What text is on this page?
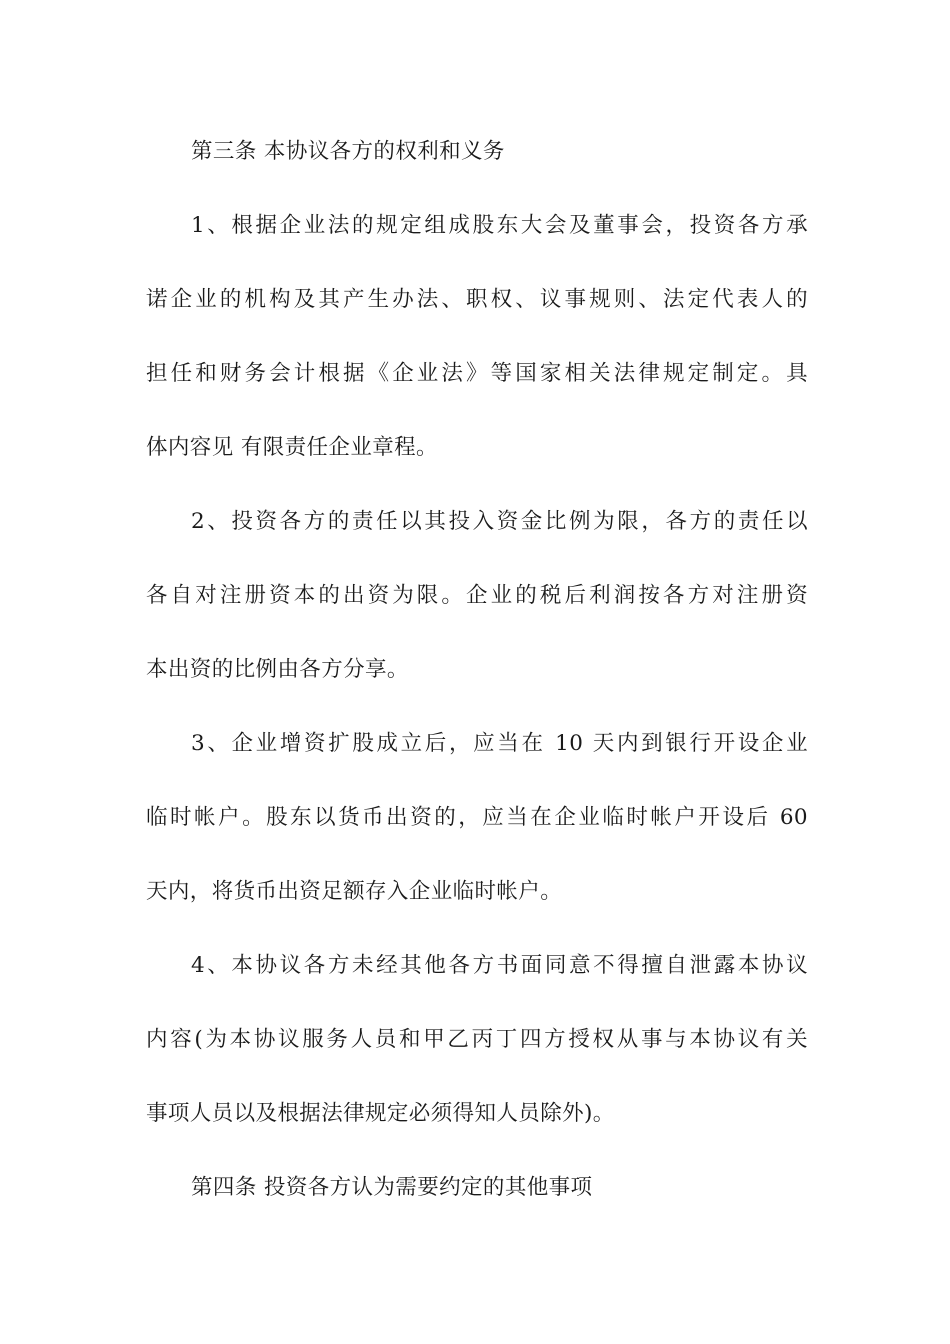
第三条 本协议各方的权利和义务
1、根据企业法的规定组成股东大会及董事会，投资各方承
诺企业的机构及其产生办法、职权、议事规则、法定代表人的
担任和财务会计根据《企业法》等国家相关法律规定制定。具
体内容见 有限责任企业章程。
2、投资各方的责任以其投入资金比例为限，各方的责任以
各自对注册资本的出资为限。企业的税后利润按各方对注册资
本出资的比例由各方分享。
3、企业增资扩股成立后，应当在 10 天内到银行开设企业
临时帐户。股东以货币出资的，应当在企业临时帐户开设后 60
天内，将货币出资足额存入企业临时帐户。
4、本协议各方未经其他各方书面同意不得擅自泄露本协议
内容(为本协议服务人员和甲乙丙丁四方授权从事与本协议有关
事项人员以及根据法律规定必须得知人员除外)。
第四条 投资各方认为需要约定的其他事项
